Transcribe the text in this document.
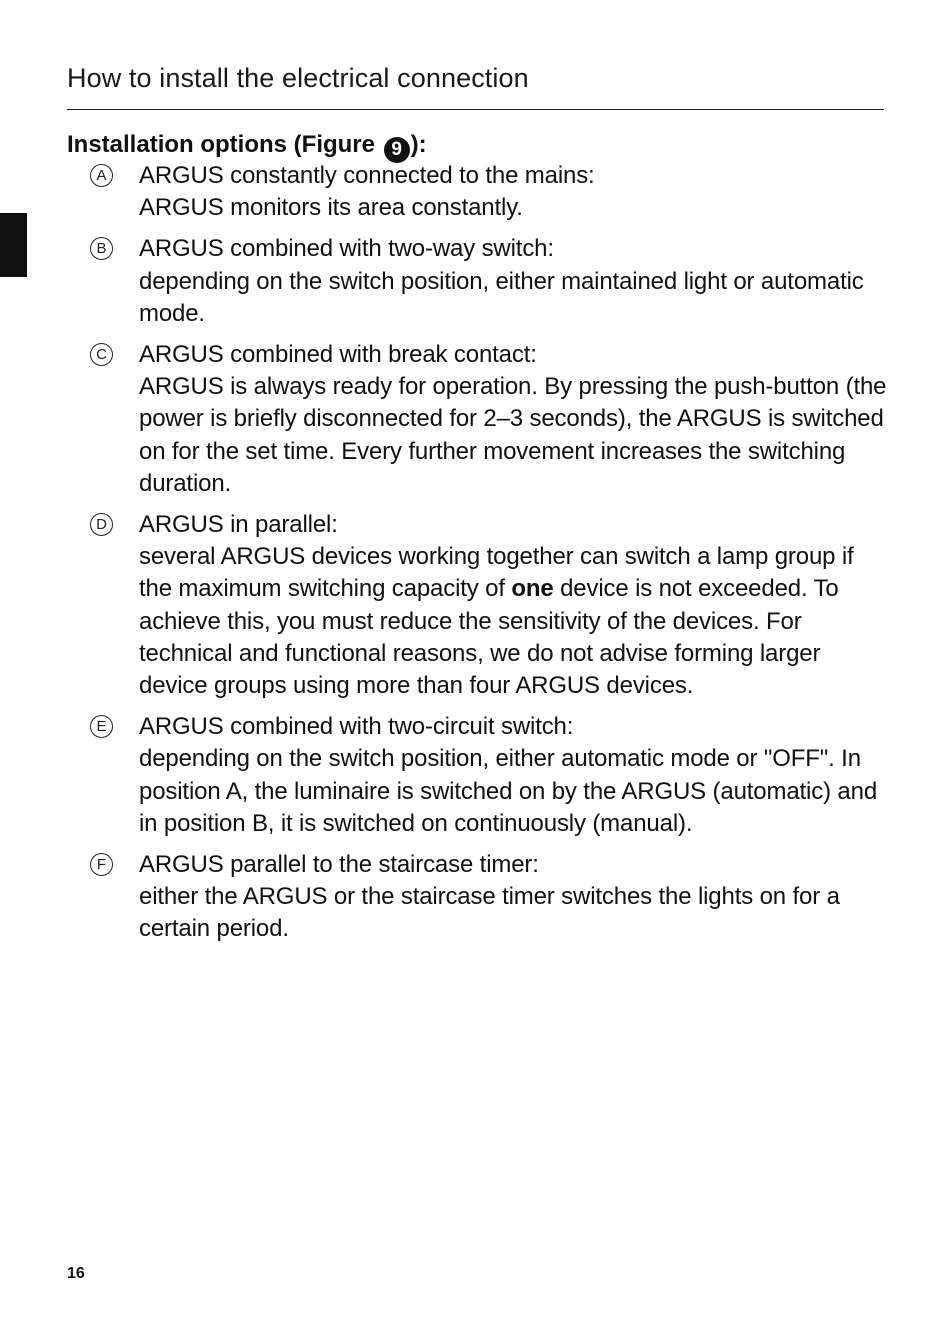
How to install the electrical connection
Installation options (Figure 9 ):
A ARGUS constantly connected to the mains:
ARGUS monitors its area constantly.
B ARGUS combined with two-way switch:
depending on the switch position, either maintained light or automatic mode.
C ARGUS combined with break contact:
ARGUS is always ready for operation. By pressing the push-button (the power is briefly disconnected for 2–3 seconds), the ARGUS is switched on for the set time. Every further movement increases the switching duration.
D ARGUS in parallel:
several ARGUS devices working together can switch a lamp group if the maximum switching capacity of one device is not exceeded. To achieve this, you must reduce the sensitivity of the devices. For technical and functional reasons, we do not advise forming larger device groups using more than four ARGUS devices.
E ARGUS combined with two-circuit switch:
depending on the switch position, either automatic mode or "OFF". In position A, the luminaire is switched on by the ARGUS (automatic) and in position B, it is switched on continuously (manual).
F ARGUS parallel to the staircase timer:
either the ARGUS or the staircase timer switches the lights on for a certain period.
16
